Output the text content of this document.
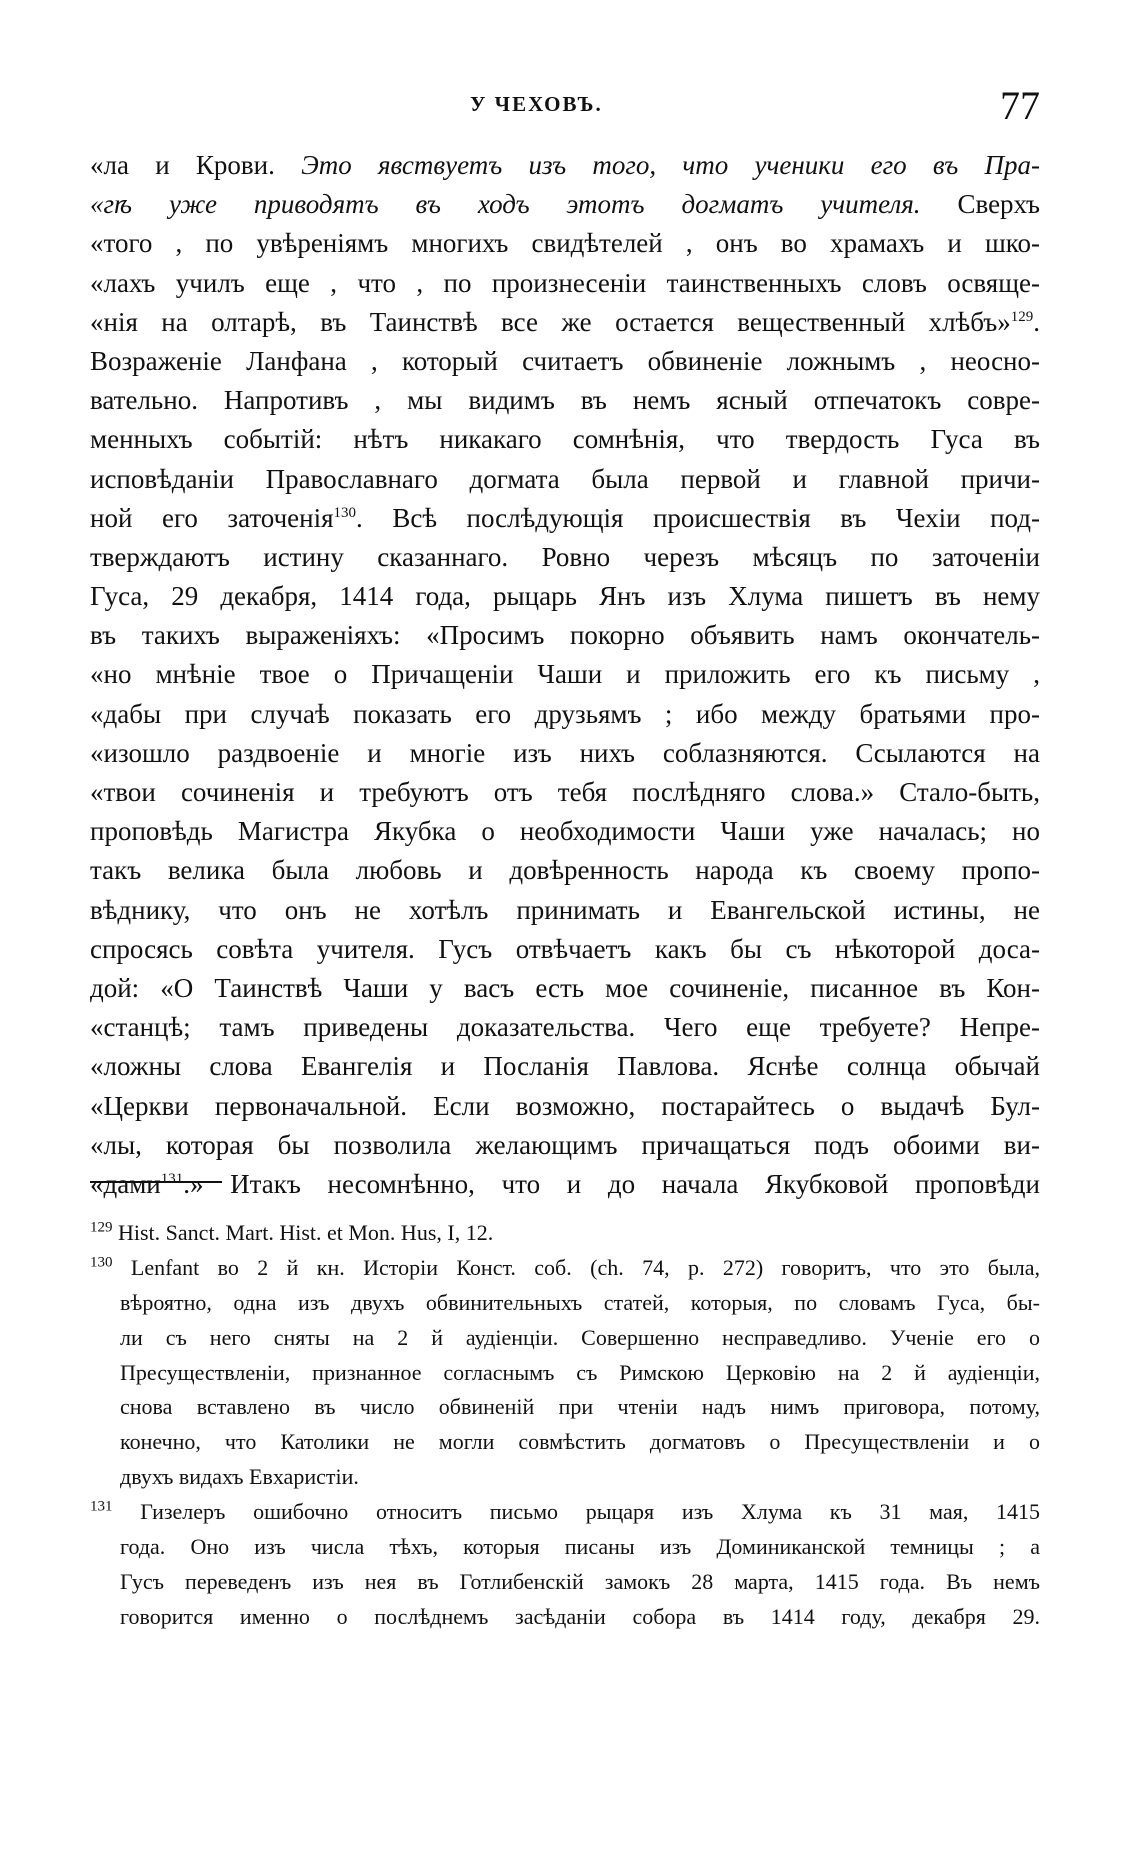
У ЧЕХОВЪ.	77
«ла и Крови. Это явствуетъ изъ того, что ученики его въ Пра-
«гѣ уже приводятъ въ ходъ этотъ догматъ учителя. Сверхъ
«того , по увѣреніямъ многихъ свидѣтелей , онъ во храмахъ и шко-
«лахъ училъ еще , что , по произнесеніи таинственныхъ словъ освяще-
«нія на олтарѣ, въ Таинствѣ все же остается вещественный хлѣбъ»$^{129}$.
Возраженіе Ланфана , который считаетъ обвиненіе ложнымъ , неосно-
вательно. Напротивъ , мы видимъ въ немъ ясный отпечатокъ совре-
менныхъ событій: нѣтъ никакаго сомнѣнія, что твердость Гуса въ
исповѣданіи Православнаго догмата была первой и главной причи-
ной его заточенія$^{130}$. Всѣ послѣдующія происшествія въ Чехіи под-
тверждаютъ истину сказаннаго. Ровно черезъ мѣсяцъ по заточеніи
Гуса, 29 декабря, 1414 года, рыцарь Янъ изъ Хлума пишетъ въ нему
въ такихъ выраженіяхъ: «Просимъ покорно объявить намъ окончатель-
«но мнѣніе твое о Причащеніи Чаши и приложить его къ письму ,
«дабы при случаѣ показать его друзьямъ ; ибо между братьями про-
«изошло раздвоеніе и многіе изъ нихъ соблазняются. Ссылаются на
«твои сочиненія и требуютъ отъ тебя послѣдняго слова.» Стало-быть,
проповѣдь Магистра Якубка о необходимости Чаши уже началась; но
такъ велика была любовь и довѣренность народа къ своему пропо-
вѣднику, что онъ не хотѣлъ принимать и Евангельской истины, не
спросясь совѣта учителя. Гусъ отвѣчаетъ какъ бы съ нѣкоторой доса-
дой: «О Таинствѣ Чаши у васъ есть мое сочиненіе, писанное въ Кон-
«станцѣ; тамъ приведены доказательства. Чего еще требуете? Непре-
«ложны слова Евангелія и Посланія Павлова. Яснѣе солнца обычай
«Церкви первоначальной. Если возможно, постарайтесь о выдачѣ Бул-
«лы, которая бы позволила желающимъ причащаться подъ обоими ви-
«дами$^{131}$.» Итакъ несомнѣнно, что и до начала Якубковой проповѣди
$^{129}$ Hist. Sanct. Mart. Hist. et Mon. Hus, I, 12.
$^{130}$ Lenfant во 2 й кн. Исторіи Конст. соб. (ch. 74, p. 272) говоритъ, что это была,
вѣроятно, одна изъ двухъ обвинительныхъ статей, которыя, по словамъ Гуса, бы-
ли съ него сняты на 2 й аудіенціи. Совершенно несправедливо. Ученіе его о
Пресуществленіи, признанное согласнымъ съ Римскою Церковію на 2 й аудіенціи,
снова вставлено въ число обвиненій при чтеніи надъ нимъ приговора, потому,
конечно, что Католики не могли совмѣстить догматовъ о Пресуществленіи и о
двухъ видахъ Евхаристіи.
$^{131}$ Гизелеръ ошибочно относитъ письмо рыцаря изъ Хлума къ 31 мая, 1415
года. Оно изъ числа тѣхъ, которыя писаны изъ Доминиканской темницы ; а
Гусъ переведенъ изъ нея въ Готлибенскій замокъ 28 марта, 1415 года. Въ немъ
говорится именно о послѣднемъ засѣданіи собора въ 1414 году, декабря 29.
